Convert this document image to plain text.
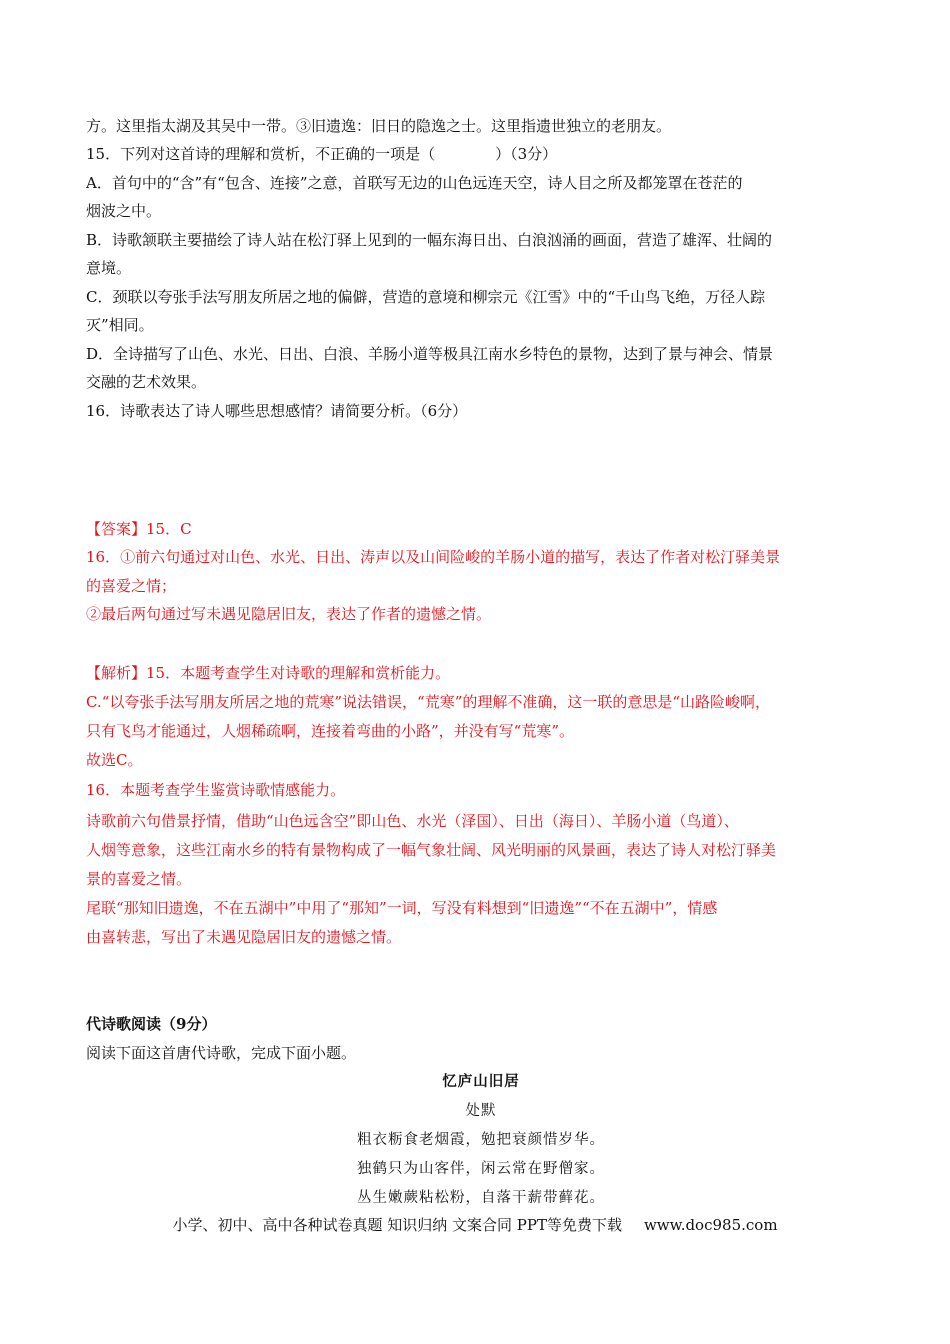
方。这里指太湖及其吴中一带。③旧遗逸：旧日的隐逸之士。这里指遗世独立的老朋友。
15．下列对这首诗的理解和赏析，不正确的一项是（　　　　）（3分）
A．首句中的“含”有“包含、连接”之意，首联写无边的山色远连天空，诗人目之所及都笼罩在苍茫的
烟波之中。
B．诗歌颔联主要描绘了诗人站在松汀驿上见到的一幅东海日出、白浪汹涌的画面，营造了雄浑、壮阔的
意境。
C．颈联以夸张手法写朋友所居之地的偏僻，营造的意境和柳宗元《江雪》中的“千山鸟飞绝，万径人踪
灭”相同。
D．全诗描写了山色、水光、日出、白浪、羊肠小道等极具江南水乡特色的景物，达到了景与神会、情景
交融的艺术效果。
16．诗歌表达了诗人哪些思想感情？请简要分析。（6分）
【答案】15．C
16．①前六句通过对山色、水光、日出、涛声以及山间险峻的羊肠小道的描写，表达了作者对松汀驿美景
的喜爱之情；
②最后两句通过写未遇见隐居旧友，表达了作者的遗憾之情。
【解析】15．本题考查学生对诗歌的理解和赏析能力。
C.“以夸张手法写朋友所居之地的荒寒”说法错误，“荒寒”的理解不准确，这一联的意思是“山路险峻啊，
只有飞鸟才能通过，人烟稀疏啊，连接着弯曲的小路”，并没有写“荒寒”。
故选C。
16．本题考查学生鉴赏诗歌情感能力。
诗歌前六句借景抒情，借助“山色远含空”即山色、水光（泽国）、日出（海日）、羊肠小道（鸟道）、
人烟等意象，这些江南水乡的特有景物构成了一幅气象壮阔、风光明丽的风景画，表达了诗人对松汀驿美
景的喜爱之情。
尾联“那知旧遗逸，不在五湖中”中用了“那知”一词，写没有料想到“旧遗逸”“不在五湖中”，情感
由喜转悲，写出了未遇见隐居旧友的遗憾之情。
代诗歌阅读（9分）
阅读下面这首唐代诗歌，完成下面小题。
忆庐山旧居
处默
粗衣粝食老烟霞，勉把衰颜惜岁华。
独鹤只为山客伴，闲云常在野僧家。
丛生嫩蕨粘松粉，自落干薪带藓花。
小学、初中、高中各种试卷真题 知识归纳 文案合同 PPT等免费下载 www.doc985.com
